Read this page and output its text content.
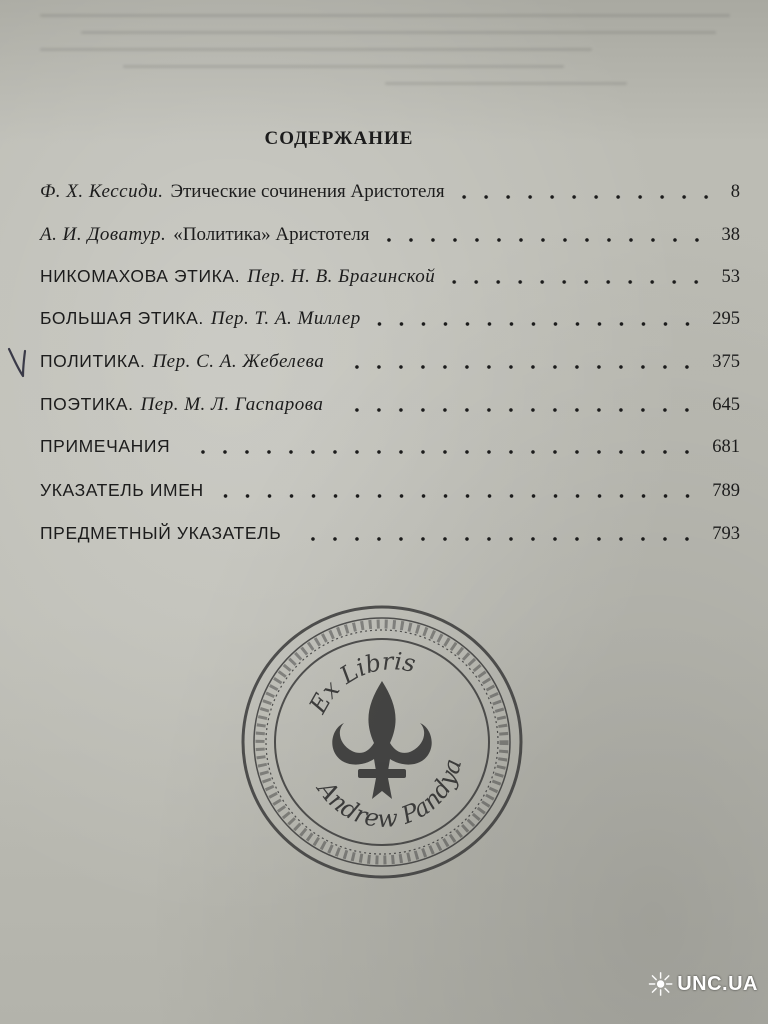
СОДЕРЖАНИЕ
Ф. Х. Кессиди. Этические сочинения Аристотеля	8
А. И. Доватур. «Политика» Аристотеля	38
НИКОМАХОВА ЭТИКА. Пер. Н. В. Брагинской	53
БОЛЬШАЯ ЭТИКА. Пер. Т. А. Миллер	295
ПОЛИТИКА. Пер. С. А. Жебелева	375
ПОЭТИКА. Пер. М. Л. Гаспарова	645
ПРИМЕЧАНИЯ	681
УКАЗАТЕЛЬ ИМЕН	789
ПРЕДМЕТНЫЙ УКАЗАТЕЛЬ	793
Ex Libris
Andrew Pandya
UNC.UA
